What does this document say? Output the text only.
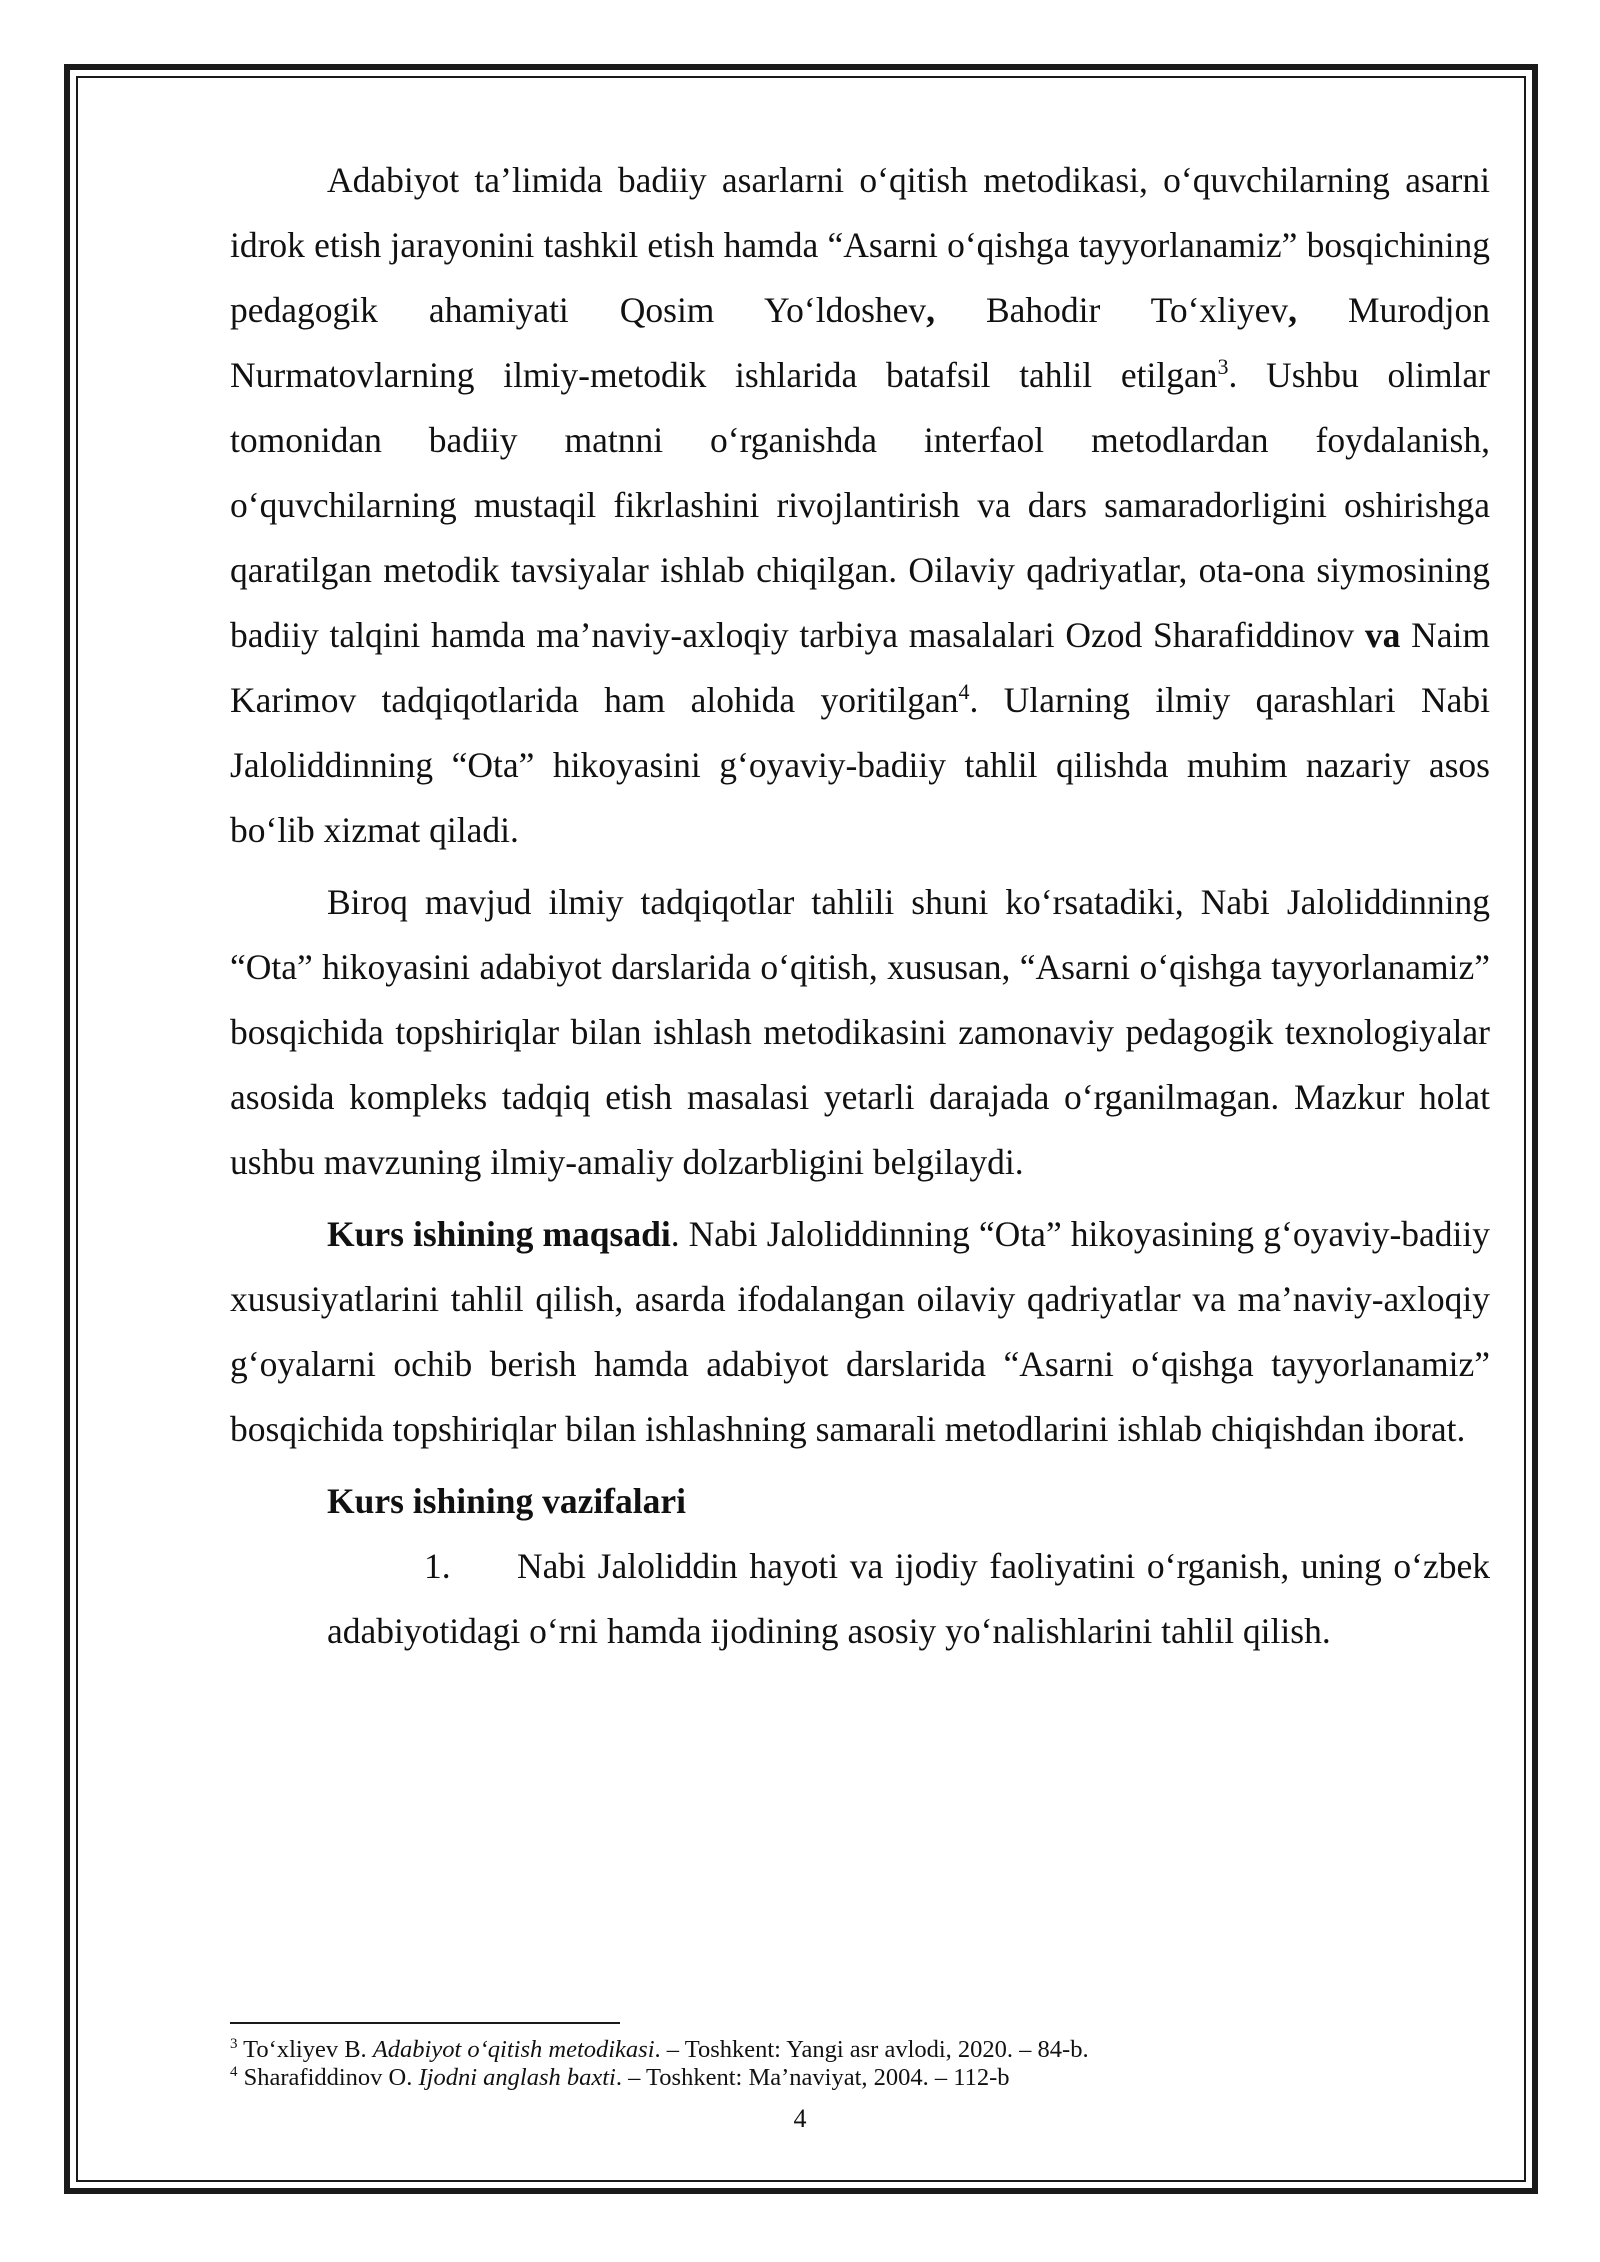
Adabiyot ta’limida badiiy asarlarni o‘qitish metodikasi, o‘quvchilarning asarni idrok etish jarayonini tashkil etish hamda “Asarni o‘qishga tayyorlanamiz” bosqichining pedagogik ahamiyati Qosim Yo‘ldoshev, Bahodir To‘xliyev, Murodjon Nurmatovlarning ilmiy-metodik ishlarida batafsil tahlil etilgan$^3$. Ushbu olimlar tomonidan badiiy matnni o‘rganishda interfaol metodlardan foydalanish, o‘quvchilarning mustaqil fikrlashini rivojlantirish va dars samaradorligini oshirishga qaratilgan metodik tavsiyalar ishlab chiqilgan. Oilaviy qadriyatlar, ota-ona siymosining badiiy talqini hamda ma’naviy-axloqiy tarbiya masalalari Ozod Sharafiddinov va Naim Karimov tadqiqotlarida ham alohida yoritilgan$^4$. Ularning ilmiy qarashlari Nabi Jaloliddinning “Ota” hikoyasini g‘oyaviy-badiiy tahlil qilishda muhim nazariy asos bo‘lib xizmat qiladi.

Biroq mavjud ilmiy tadqiqotlar tahlili shuni ko‘rsatadiki, Nabi Jaloliddinning “Ota” hikoyasini adabiyot darslarida o‘qitish, xususan, “Asarni o‘qishga tayyorlanamiz” bosqichida topshiriqlar bilan ishlash metodikasini zamonaviy pedagogik texnologiyalar asosida kompleks tadqiq etish masalasi yetarli darajada o‘rganilmagan. Mazkur holat ushbu mavzuning ilmiy-amaliy dolzarbligini belgilaydi.

Kurs ishining maqsadi. Nabi Jaloliddinning “Ota” hikoyasining g‘oyaviy-badiiy xususiyatlarini tahlil qilish, asarda ifodalangan oilaviy qadriyatlar va ma’naviy-axloqiy g‘oyalarni ochib berish hamda adabiyot darslarida “Asarni o‘qishga tayyorlanamiz” bosqichida topshiriqlar bilan ishlashning samarali metodlarini ishlab chiqishdan iborat.

Kurs ishining vazifalari

1. Nabi Jaloliddin hayoti va ijodiy faoliyatini o‘rganish, uning o‘zbek adabiyotidagi o‘rni hamda ijodining asosiy yo‘nalishlarini tahlil qilish.

$^3$ To‘xliyev B. Adabiyot o‘qitish metodikasi. – Toshkent: Yangi asr avlodi, 2020. – 84-b.

$^4$ Sharafiddinov O. Ijodni anglash baxti. – Toshkent: Ma’naviyat, 2004. – 112-b

4
